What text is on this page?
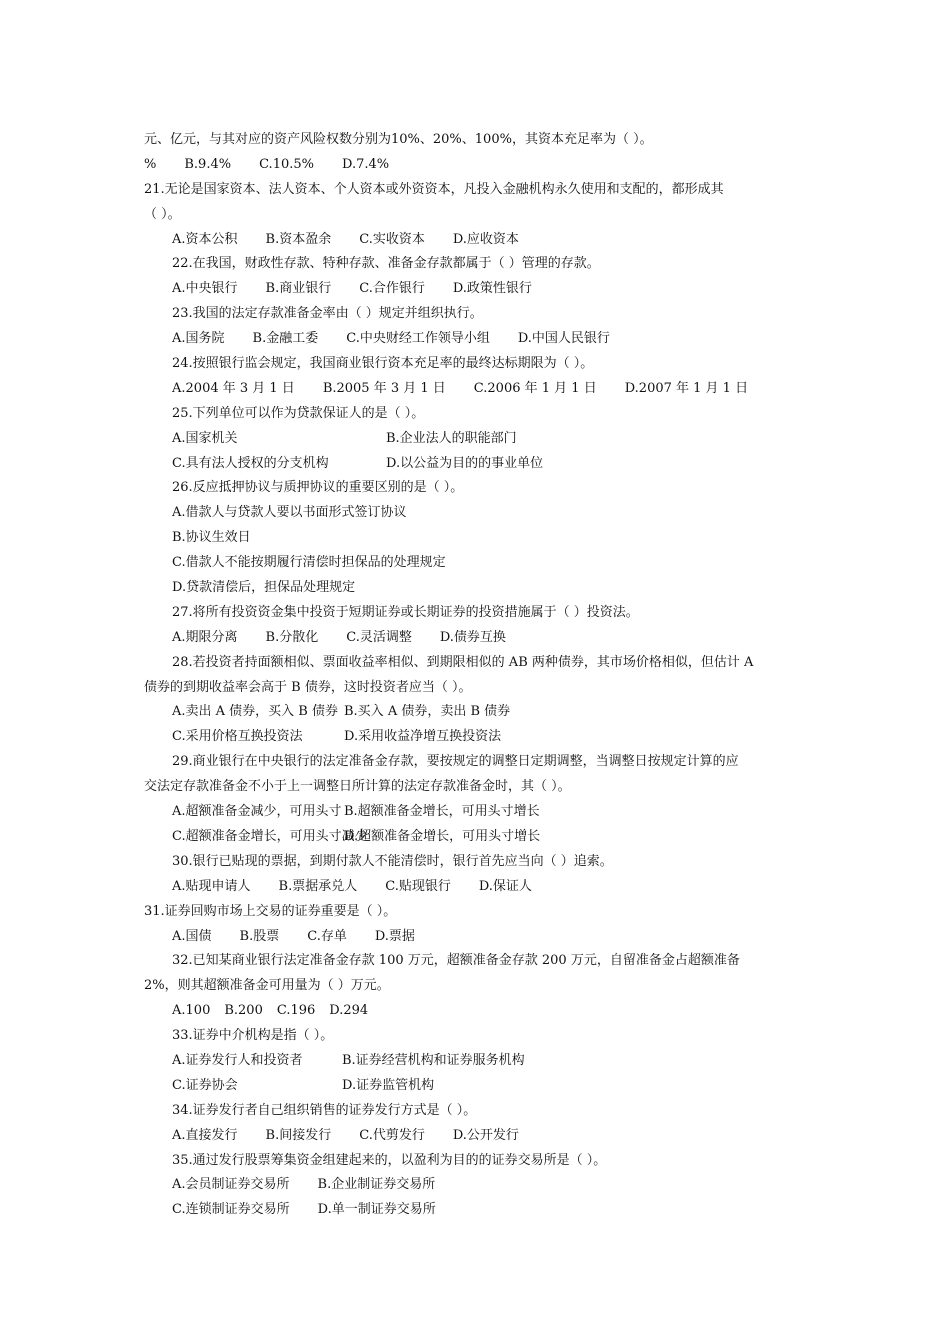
元、亿元，与其对应的资产风险权数分别为10%、20%、100%，其资本充足率为（ ）。
% B.9.4% C.10.5% D.7.4%
21.无论是国家资本、法人资本、个人资本或外资资本，凡投入金融机构永久使用和支配的，都形成其
（ ）。
A.资本公积 B.资本盈余 C.实收资本 D.应收资本
22.在我国，财政性存款、特种存款、准备金存款都属于（ ）管理的存款。
A.中央银行 B.商业银行 C.合作银行 D.政策性银行
23.我国的法定存款准备金率由（ ）规定并组织执行。
A.国务院 B.金融工委 C.中央财经工作领导小组 D.中国人民银行
24.按照银行监会规定，我国商业银行资本充足率的最终达标期限为（ ）。
A.2004 年 3 月 1 日 B.2005 年 3 月 1 日 C.2006 年 1 月 1 日 D.2007 年 1 月 1 日
25.下列单位可以作为贷款保证人的是（ ）。
A.国家机关	B.企业法人的职能部门
C.具有法人授权的分支机构	D.以公益为目的的事业单位
26.反应抵押协议与质押协议的重要区别的是（ ）。
A.借款人与贷款人要以书面形式签订协议
B.协议生效日
C.借款人不能按期履行清偿时担保品的处理规定
D.贷款清偿后，担保品处理规定
27.将所有投资资金集中投资于短期证券或长期证券的投资措施属于（ ）投资法。
A.期限分离 B.分散化 C.灵活调整 D.债券互换
28.若投资者持面额相似、票面收益率相似、到期限相似的 AB 两种债券，其市场价格相似，但估计 A
债券的到期收益率会高于 B 债券，这时投资者应当（ ）。
A.卖出 A 债券，买入 B 债券 B.买入 A 债券，卖出 B 债券
C.采用价格互换投资法	D.采用收益净增互换投资法
29.商业银行在中央银行的法定准备金存款，要按规定的调整日定期调整，当调整日按规定计算的应
交法定存款准备金不小于上一调整日所计算的法定存款准备金时，其（ ）。
A.超额准备金减少，可用头寸 B.超额准备金增长，可用头寸增长
C.超额准备金增长，可用头寸减少D.超额准备金增长，可用头寸增长
30.银行已贴现的票据，到期付款人不能清偿时，银行首先应当向（ ）追索。
A.贴现申请人 B.票据承兑人 C.贴现银行 D.保证人
31.证券回购市场上交易的证券重要是（ ）。
A.国债 B.股票 C.存单 D.票据
32.已知某商业银行法定准备金存款 100 万元，超额准备金存款 200 万元，自留准备金占超额准备
2%，则其超额准备金可用量为（ ）万元。
A.100 B.200 C.196 D.294
33.证券中介机构是指（ ）。
A.证券发行人和投资者	B.证券经营机构和证券服务机构
C.证券协会	D.证券监管机构
34.证券发行者自己组织销售的证券发行方式是（ ）。
A.直接发行 B.间接发行 C.代剪发行 D.公开发行
35.通过发行股票筹集资金组建起来的，以盈利为目的的证券交易所是（ ）。
A.会员制证券交易所 B.企业制证券交易所
C.连锁制证券交易所 D.单一制证券交易所
